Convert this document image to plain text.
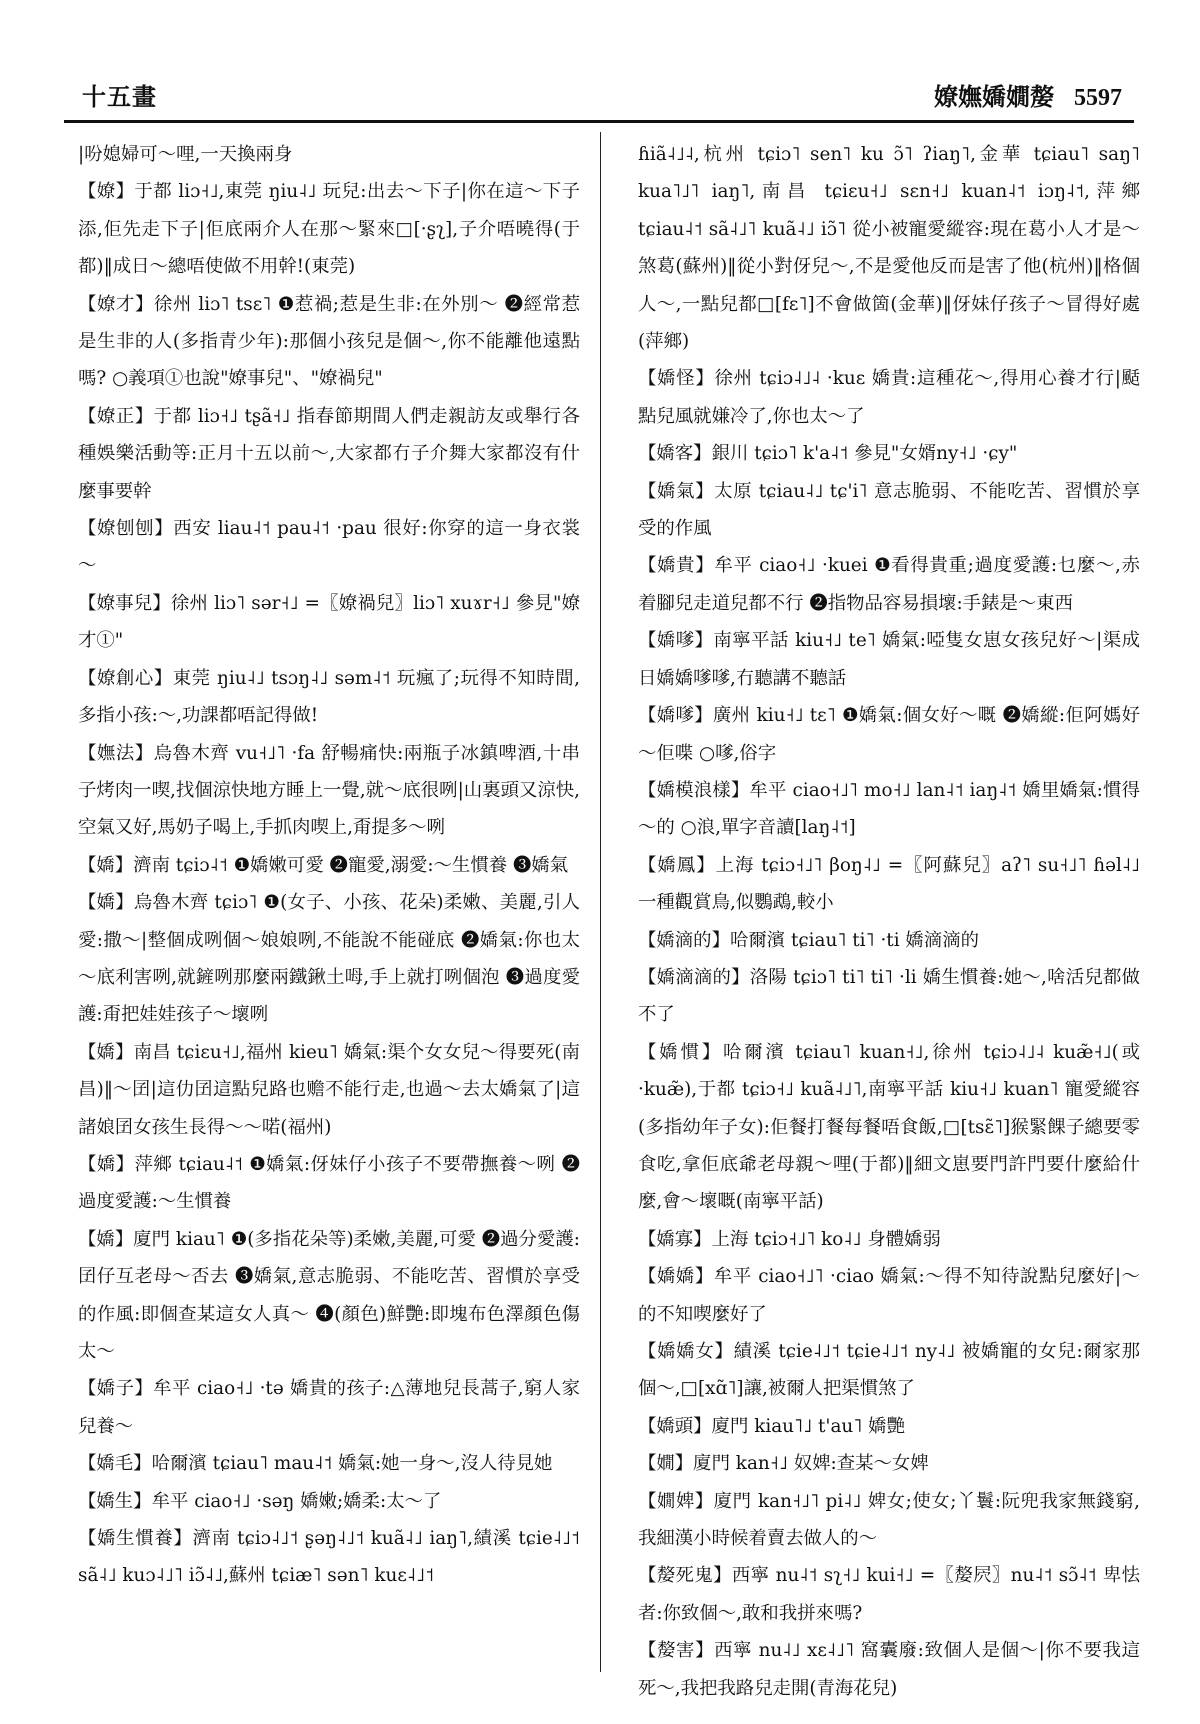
十五畫	嫽嫵嬌嫺嫠 5597

|吩媳婦可～哩,一天換兩身

【嫽】于都 liɔ˧˩,東莞 ŋiu˨˩ 玩兒:出去～下子|你在這～下子添,佢先走下子|佢底兩介人在那～緊來□[·ʂʅ],子介唔曉得(于都)‖成日～總唔使做不用幹!(東莞)

【嫽才】徐州 liɔ˥ tsɛ˥ ❶惹禍;惹是生非:在外別～ ❷經常惹是生非的人(多指青少年):那個小孩兒是個～,你不能離他遠點嗎? ○義項①也說"嫽事兒"、"嫽禍兒"

【嫽正】于都 liɔ˧˩ tʂã˧˩ 指春節期間人們走親訪友或舉行各種娛樂活動等:正月十五以前～,大家都冇子介舞大家都沒有什麼事要幹

【嫽刨刨】西安 liau˨˦ pau˨˦ ·pau 很好:你穿的這一身衣裳～

【嫽事兒】徐州 liɔ˥ sər˧˩ =〖嫽禍兒〗liɔ˥ xuɤr˧˩ 參見"嫽才①"

【嫽創心】東莞 ŋiu˨˩ tsɔŋ˨˩ səm˨˦ 玩瘋了;玩得不知時間,多指小孩:～,功課都唔記得做!

【嫵法】烏魯木齊 vu˧˩˥ ·fa 舒暢痛快:兩瓶子冰鎮啤酒,十串子烤肉一喫,找個涼快地方睡上一覺,就～底很咧|山裏頭又涼快,空氣又好,馬奶子喝上,手抓肉喫上,甭提多～咧

【嬌】濟南 tɕiɔ˨˦ ❶嬌嫩可愛 ❷寵愛,溺愛:～生慣養 ❸嬌氣

【嬌】烏魯木齊 tɕiɔ˥ ❶(女子、小孩、花朵)柔嫩、美麗,引人愛:撒～|整個成咧個～娘娘咧,不能說不能碰底 ❷嬌氣:你也太～底利害咧,就鏟咧那麼兩鐵鍬土呣,手上就打咧個泡 ❸過度愛護:甭把娃娃孩子～壞咧

【嬌】南昌 tɕiɛu˧˩,福州 kieu˥ 嬌氣:渠个女女兒～得要死(南昌)‖～囝|這仂囝這點兒路也赡不能行走,也過～去太嬌氣了|這諸娘囝女孩生長得～～喏(福州)

【嬌】萍鄉 tɕiau˨˦ ❶嬌氣:伢妹仔小孩子不要帶撫養～咧 ❷過度愛護:～生慣養

【嬌】廈門 kiau˥ ❶(多指花朵等)柔嫩,美麗,可愛 ❷過分愛護:囝仔互老母～否去 ❸嬌氣,意志脆弱、不能吃苦、習慣於享受的作風:即個查某這女人真～ ❹(顏色)鮮艷:即塊布色澤顏色傷太～

【嬌子】牟平 ciao˧˩ ·tə 嬌貴的孩子:△薄地兒長蒿子,窮人家兒養～

【嬌毛】哈爾濱 tɕiau˥ mau˨˦ 嬌氣:她一身～,沒人待見她

【嬌生】牟平 ciao˧˩ ·səŋ 嬌嫩;嬌柔:太～了

【嬌生慣養】濟南 tɕiɔ˨˩˦ ʂəŋ˨˩˦ kuã˨˩ iaŋ˥,績溪 tɕie˨˩˦ sã˨˩ kuɔ˨˩˥ iɔ̃˨˩,蘇州 tɕiæ˥ sən˥ kuɛ˨˩˦

ɦiã˨˩˨,杭州 tɕiɔ˥ sen˥ ku ɔ̃˥ ʔiaŋ˥,金華 tɕiau˥ saŋ˥ kua˥˩˥ iaŋ˥,南昌 tɕiɛu˧˩ sɛn˧˩ kuan˨˦ iɔŋ˨˦,萍鄉 tɕiau˨˦ sã˨˩˥ kuã˨˩ iɔ̃˥ 從小被寵愛縱容:現在葛小人才是～煞葛(蘇州)‖從小對伢兒～,不是愛他反而是害了他(杭州)‖格個人～,一點兒都□[fɛ˥]不會做箇(金華)‖伢妹仔孩子～冒得好處(萍鄉)

【嬌怪】徐州 tɕiɔ˨˩˨ ·kuɛ 嬌貴:這種花～,得用心養才行|颳點兒風就嫌冷了,你也太～了

【嬌客】銀川 tɕiɔ˥ k'a˨˦ 參見"女婿ny˧˩ ·ɕy"

【嬌氣】太原 tɕiau˨˩ tɕ'i˥ 意志脆弱、不能吃苦、習慣於享受的作風

【嬌貴】牟平 ciao˧˩ ·kuei ❶看得貴重;過度愛護:乜麼～,赤着腳兒走道兒都不行 ❷指物品容易損壞:手錶是～東西

【嬌嗲】南寧平話 kiu˧˩ te˥ 嬌氣:啞隻女崽女孩兒好～|渠成日嬌嬌嗲嗲,冇聽講不聽話

【嬌嗲】廣州 kiu˧˩ tɛ˥ ❶嬌氣:個女好～嘅 ❷嬌縱:佢阿媽好～佢喋 ○嗲,俗字

【嬌模浪樣】牟平 ciao˧˩˥ mo˧˩ lan˨˦ iaŋ˨˦ 嬌里嬌氣:慣得～的 ○浪,單字音讀[laŋ˨˦]

【嬌鳳】上海 tɕiɔ˧˩˥ βoŋ˨˩ =〖阿蘇兒〗aʔ˥ su˧˩˥ ɦəl˨˩ 一種觀賞鳥,似鸚鵡,較小

【嬌滴的】哈爾濱 tɕiau˥ ti˥ ·ti 嬌滴滴的

【嬌滴滴的】洛陽 tɕiɔ˥ ti˥ ti˥ ·li 嬌生慣養:她～,啥活兒都做不了

【嬌慣】哈爾濱 tɕiau˥ kuan˧˩,徐州 tɕiɔ˨˩˨ kuæ̃˧˩(或 ·kuæ̃),于都 tɕiɔ˧˩ kuã˨˩˥,南寧平話 kiu˧˩ kuan˥ 寵愛縱容(多指幼年子女):佢餐打餐每餐唔食飯,□[tsɛ̃˥]猴緊餜子總要零食吃,拿佢底爺老母親～哩(于都)‖細文崽要門許門要什麼給什麼,會～壞嘅(南寧平話)

【嬌寡】上海 tɕiɔ˧˩˥ ko˨˩ 身體嬌弱

【嬌嬌】牟平 ciao˧˩˥ ·ciao 嬌氣:～得不知待說點兒麼好|～的不知喫麼好了

【嬌嬌女】績溪 tɕie˨˩˦ tɕie˨˩˦ ny˨˩ 被嬌寵的女兒:爾家那個～,□[xɑ̃˥]讓,被爾人把渠慣煞了

【嬌頭】廈門 kiau˥˩ t'au˥ 嬌艷

【嫺】廈門 kan˧˩ 奴婢:查某～女婢

【嫺婢】廈門 kan˧˩˥ pi˨˩ 婢女;使女;丫鬟:阮兜我家無錢窮,我細漢小時候着賣去做人的～

【嫠死鬼】西寧 nu˨˦ sʅ˧˩ kui˧˩ =〖嫠屄〗nu˨˦ sɔ̃˨˦ 卑怯者:你致個～,敢和我拼來嗎?

【嫠害】西寧 nu˨˩ xɛ˨˩˥ 窩囊廢:致個人是個～|你不要我這死～,我把我路兒走開(青海花兒)
